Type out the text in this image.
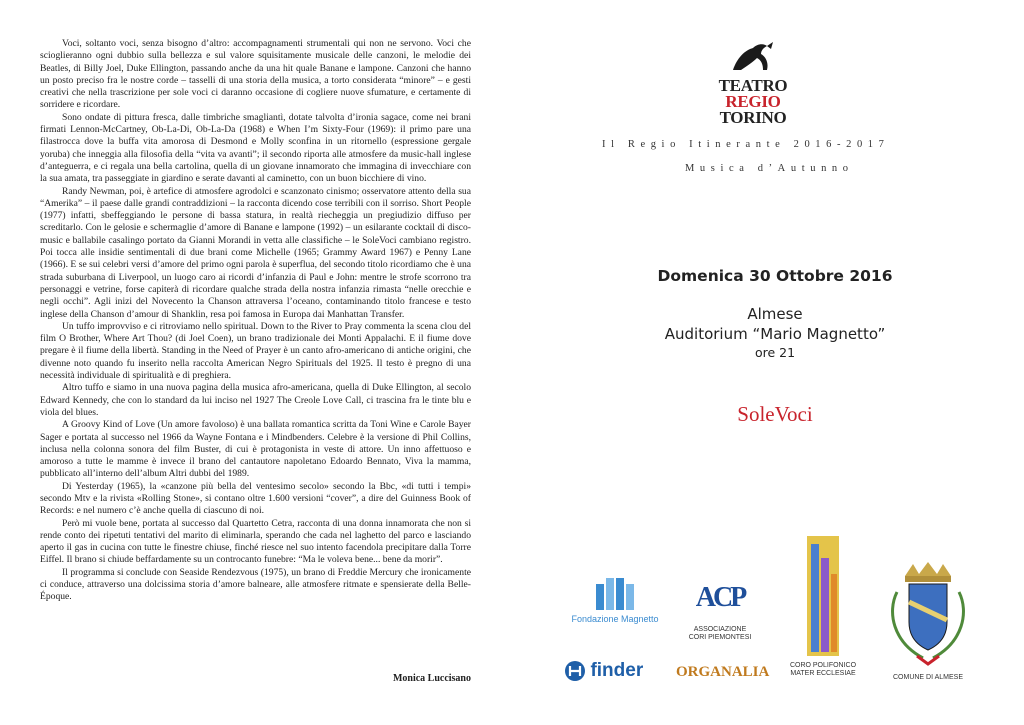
Voci, soltanto voci, senza bisogno d’altro: accompagnamenti strumentali qui non ne servono. Voci che scioglieranno ogni dubbio sulla bellezza e sul valore squisitamente musicale delle canzoni, le melodie dei Beatles, di Billy Joel, Duke Ellington, passando anche da una hit quale Banane e lampone. Canzoni che hanno un posto preciso fra le nostre corde – tasselli di una storia della musica, a torto considerata “minore” – e gesti creativi che nella trascrizione per sole voci ci daranno occasione di cogliere nuove sfumature, e certamente di sorridere e ricordare.

Sono ondate di pittura fresca, dalle timbriche smagliantì, dotate talvolta d’ironia sagace, come nei brani firmati Lennon-McCartney, Ob-La-Di, Ob-La-Da (1968) e When I’m Sixty-Four (1969): il primo pare una filastrocca dove la buffa vita amorosa di Desmond e Molly sconfina in un ritornello (espressione gergale yoruba) che inneggia alla filosofia della “vita va avanti”; il secondo riporta alle atmosfere da music-hall inglese d’anteguerra, e ci regala una bella cartolina, quella di un giovane innamorato che immagina di invecchiare con la sua amata, tra passeggiate in giardino e serate davanti al caminetto, con un buon bicchiere di vino.

Randy Newman, poi, è artefice di atmosfere agrodolci e scanzonato cinismo; osservatore attento della sua “Amerika” – il paese dalle grandi contraddizioni – la racconta dicendo cose terribili con il sorriso. Short People (1977) infatti, sbeffeggiando le persone di bassa statura, in realtà riecheggia un pregiudizio diffuso per screditarlo. Con le gelosie e schermaglie d’amore di Banane e lampone (1992) – un esilarante cocktail di disco-music e ballabile casalingo portato da Gianni Morandi in vetta alle classifiche – le SoleVoci cambiano registro. Poi tocca alle insidie sentimentali di due brani come Michelle (1965; Grammy Award 1967) e Penny Lane (1966). E se sui celebri versi d’amore del primo ogni parola è superflua, del secondo titolo ricordiamo che è una strada suburbana di Liverpool, un luogo caro ai ricordi d’infanzia di Paul e John: mentre le strofe scorrono tra personaggi e vetrine, forse capiterà di ricordare qualche strada della nostra infanzia rimasta “nelle orecchie e negli occhi”. Agli inizi del Novecento la Chanson attraversa l’oceano, contaminando titolo francese e testo inglese della Chanson d’amour di Shanklin, resa poi famosa in Europa dai Manhattan Transfer.

Un tuffo improvviso e ci ritroviamo nello spiritual. Down to the River to Pray commenta la scena clou del film O Brother, Where Art Thou? (di Joel Coen), un brano tradizionale dei Monti Appalachi. E il fiume dove pregare è il fiume della libertà. Standing in the Need of Prayer è un canto afro-americano di antiche origini, che divenne noto quando fu inserito nella raccolta American Negro Spirituals del 1925. Il testo è pregno di una necessità individuale di spiritualità e di preghiera.

Altro tuffo e siamo in una nuova pagina della musica afro-americana, quella di Duke Ellington, al secolo Edward Kennedy, che con lo standard da lui inciso nel 1927 The Creole Love Call, ci trascina fra le tinte blu e viola del blues.

A Groovy Kind of Love (Un amore favoloso) è una ballata romantica scritta da Toni Wine e Carole Bayer Sager e portata al successo nel 1966 da Wayne Fontana e i Mindbenders. Celebre è la versione di Phil Collins, inclusa nella colonna sonora del film Buster, di cui è protagonista in veste di attore. Un inno affettuoso e amoroso a tutte le mamme è invece il brano del cantautore napoletano Edoardo Bennato, Viva la mamma, pubblicato all’interno dell’album Altri dubbi del 1989.

Di Yesterday (1965), la «canzone più bella del ventesimo secolo» secondo la Bbc, «di tutti i tempi» secondo Mtv e la rivista «Rolling Stone», si contano oltre 1.600 versioni “cover”, a dire del Guinness Book of Records: e nel numero c’è anche quella di ciascuno di noi.

Però mi vuole bene, portata al successo dal Quartetto Cetra, racconta di una donna innamorata che non si rende conto dei ripetuti tentativi del marito di eliminarla, sperando che cada nel laghetto del parco e lasciando aperto il gas in cucina con tutte le finestre chiuse, finché riesce nel suo intento facendola precipitare dalla Torre Eiffel. Il brano si chiude beffardamente su un controcanto funebre: “Ma le voleva bene... bene da morir”.

Il programma si conclude con Seaside Rendezvous (1975), un brano di Freddie Mercury che ironicamente ci conduce, attraverso una dolcissima storia d’amore balneare, alle atmosfere ritmate e spensierate della Belle-Époque.

Monica Luccisano
TEATRO
REGIO
TORINO
Il Regio Itinerante 2016-2017
Musica d’Autunno
Domenica 30 Ottobre 2016
Almese
Auditorium “Mario Magnetto”
ore 21
SoleVoci
Fondazione Magnetto
finder
ACP
ASSOCIAZIONE CORI PIEMONTESI
ORGANALIA	CORO POLIFONICO MATER ECCLESIAE
COMUNE DI ALMESE
